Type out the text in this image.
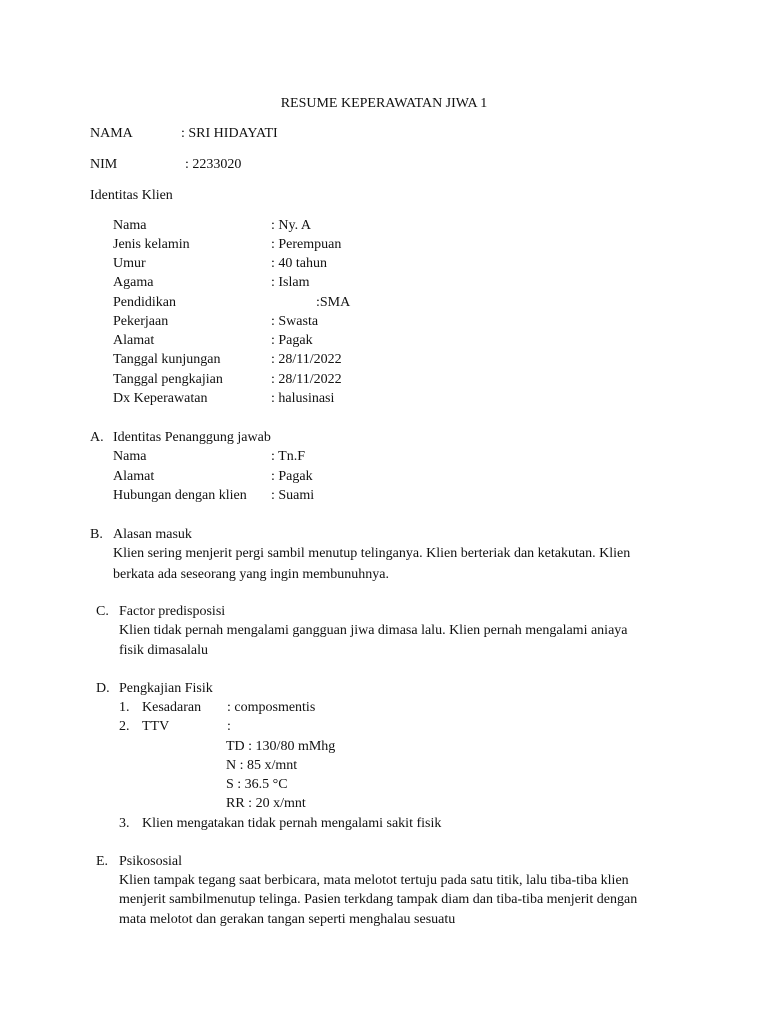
RESUME KEPERAWATAN JIWA 1
NAMA	: SRI HIDAYATI
NIM	: 2233020
Identitas Klien
Nama	: Ny. A
Jenis kelamin	: Perempuan
Umur	: 40 tahun
Agama	: Islam
Pendidikan	:SMA
Pekerjaan	: Swasta
Alamat	: Pagak
Tanggal kunjungan	: 28/11/2022
Tanggal pengkajian	: 28/11/2022
Dx Keperawatan	: halusinasi
A. Identitas Penanggung jawab
Nama	: Tn.F
Alamat	: Pagak
Hubungan dengan klien : Suami
B. Alasan masuk
Klien sering menjerit pergi sambil menutup telinganya. Klien berteriak dan ketakutan. Klien
berkata ada seseorang yang ingin membunuhnya.
C. Factor predisposisi
Klien tidak pernah mengalami gangguan jiwa dimasa lalu. Klien pernah mengalami aniaya
fisik dimasalalu
D. Pengkajian Fisik
1. Kesadaran : composmentis
2. TTV	:
TD : 130/80 mMhg
N : 85 x/mnt
S : 36.5 °C
RR : 20 x/mnt
3. Klien mengatakan tidak pernah mengalami sakit fisik
E. Psikososial
Klien tampak tegang saat berbicara, mata melotot tertuju pada satu titik, lalu tiba-tiba klien
menjerit sambilmenutup telinga. Pasien terkdang tampak diam dan tiba-tiba menjerit dengan
mata melotot dan gerakan tangan seperti menghalau sesuatu
